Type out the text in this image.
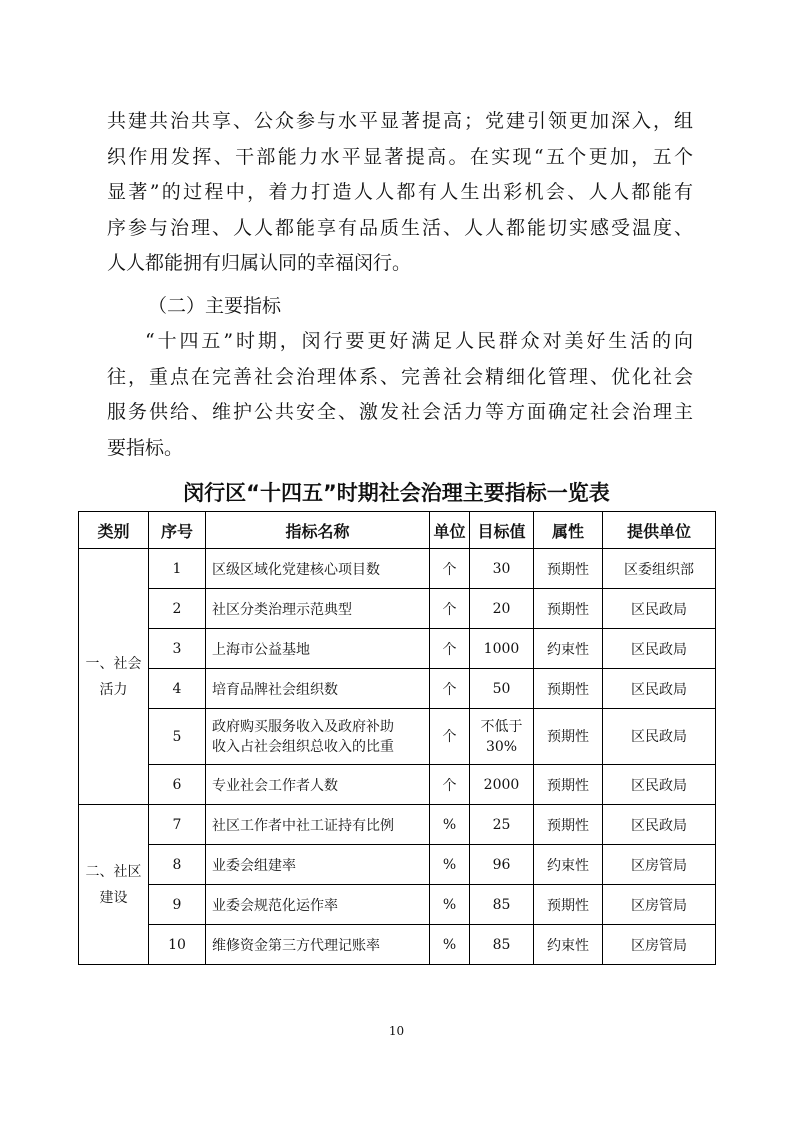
共建共治共享、公众参与水平显著提高；党建引领更加深入，组
织作用发挥、干部能力水平显著提高。在实现“五个更加，五个
显著”的过程中，着力打造人人都有人生出彩机会、人人都能有
序参与治理、人人都能享有品质生活、人人都能切实感受温度、
人人都能拥有归属认同的幸福闵行。
（二）主要指标
“十四五”时期，闵行要更好满足人民群众对美好生活的向
往，重点在完善社会治理体系、完善社会精细化管理、优化社会
服务供给、维护公共安全、激发社会活力等方面确定社会治理主
要指标。
闵行区“十四五”时期社会治理主要指标一览表
类别	序号	指标名称	单位	目标值	属性	提供单位
一、社会
活力	1	区级区域化党建核心项目数	个	30	预期性	区委组织部
	2	社区分类治理示范典型	个	20	预期性	区民政局
	3	上海市公益基地	个	1000	约束性	区民政局
	4	培育品牌社会组织数	个	50	预期性	区民政局
	5	政府购买服务收入及政府补助
收入占社会组织总收入的比重	个	不低于
30%	预期性	区民政局
	6	专业社会工作者人数	个	2000	预期性	区民政局
二、社区
建设	7	社区工作者中社工证持有比例	%	25	预期性	区民政局
	8	业委会组建率	%	96	约束性	区房管局
	9	业委会规范化运作率	%	85	预期性	区房管局
	10	维修资金第三方代理记账率	%	85	约束性	区房管局
10
